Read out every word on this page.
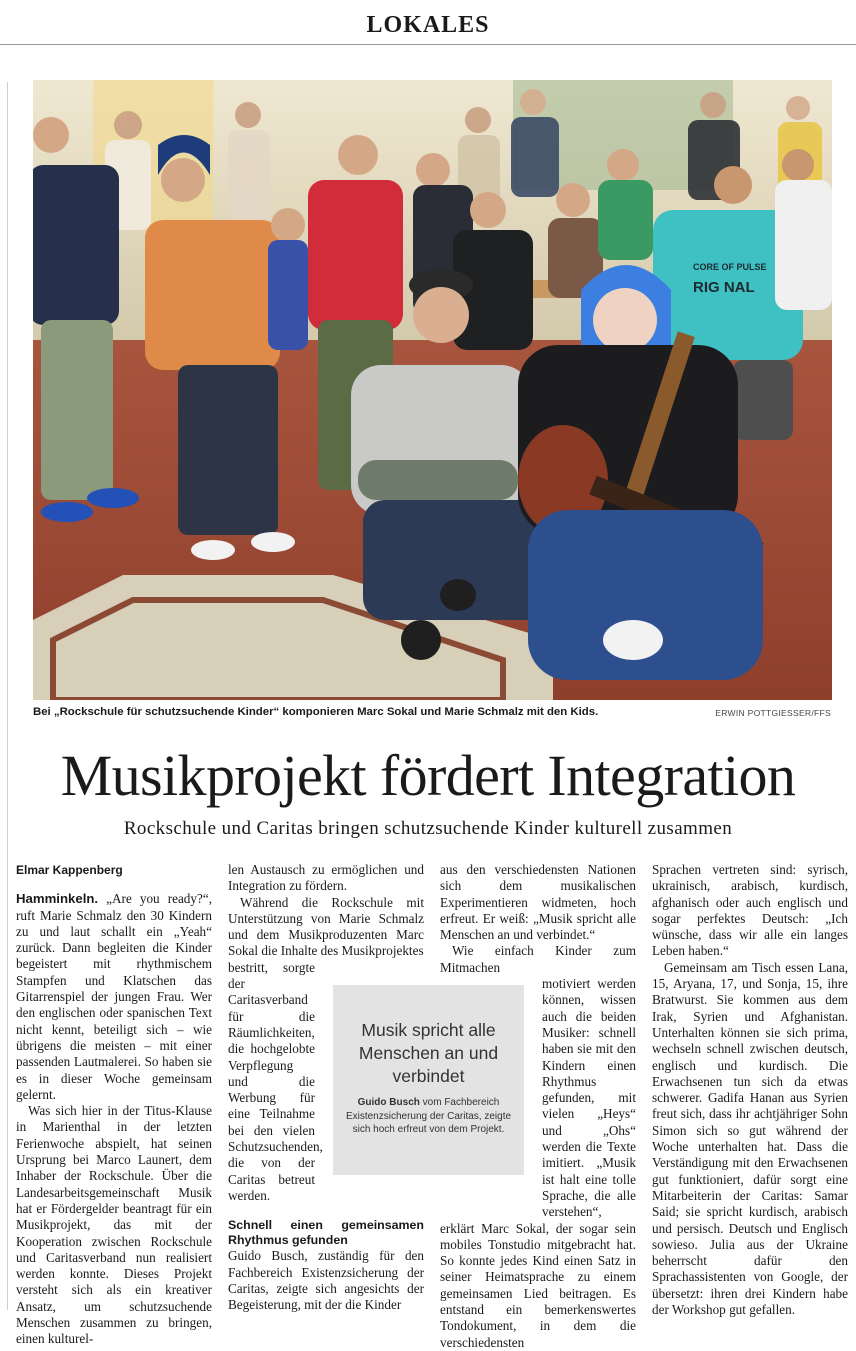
LOKALES
CORE OF PULSE
RIG NAL
Bei „Rockschule für schutzsuchende Kinder“ komponieren Marc Sokal und Marie Schmalz mit den Kids.	ERWIN POTTGIESSER/FFS
Musikprojekt fördert Integration
Rockschule und Caritas bringen schutzsuchende Kinder kulturell zusammen

Elmar Kappenberg

Hamminkeln. „Are you ready?“, ruft Marie Schmalz den 30 Kindern zu und laut schallt ein „Yeah“ zurück. Dann begleiten die Kinder begeistert mit rhythmischem Stampfen und Klatschen das Gitarrenspiel der jungen Frau. Wer den englischen oder spanischen Text nicht kennt, beteiligt sich – wie übrigens die meisten – mit einer passenden Lautmalerei. So haben sie es in dieser Woche gemeinsam gelernt.

Was sich hier in der Titus-Klause in Marienthal in der letzten Ferienwoche abspielt, hat seinen Ursprung bei Marco Launert, dem Inhaber der Rockschule. Über die Landesarbeitsgemeinschaft Musik hat er Fördergelder beantragt für ein Musikprojekt, das mit der Kooperation zwischen Rockschule und Caritasverband nun realisiert werden konnte. Dieses Projekt versteht sich als ein kreativer Ansatz, um schutzsuchende Menschen zusammen zu bringen, einen kulturel-

len Austausch zu ermöglichen und Integration zu fördern.

Während die Rockschule mit Unterstützung von Marie Schmalz und dem Musikproduzenten Marc Sokal die Inhalte des Musikprojektes

bestritt, sorgte der Caritasverband für die Räumlichkeiten, die hochgelobte Verpflegung und die Werbung für eine Teilnahme bei den vielen Schutzsuchenden, die von der Caritas betreut werden.

Schnell einen gemeinsamen Rhythmus gefunden

Guido Busch, zuständig für den Fachbereich Existenzsicherung der Caritas, zeigte sich angesichts der Begeisterung, mit der die Kinder

Musik spricht alle Menschen an und verbindet
Guido Busch vom Fachbereich Existenzsicherung der Caritas, zeigte sich hoch erfreut von dem Projekt.

aus den verschiedensten Nationen sich dem musikalischen Experimentieren widmeten, hoch erfreut. Er weiß: „Musik spricht alle Menschen an und verbindet.“

Wie einfach Kinder zum Mitmachen

motiviert werden können, wissen auch die beiden Musiker: schnell haben sie mit den Kindern einen Rhythmus gefunden, mit vielen „Heys“ und „Ohs“ werden die Texte imitiert. „Musik ist halt eine tolle Sprache, die alle verstehen“,

erklärt Marc Sokal, der sogar sein mobiles Tonstudio mitgebracht hat. So konnte jedes Kind einen Satz in seiner Heimatsprache zu einem gemeinsamen Lied beitragen. Es entstand ein bemerkenswertes Tondokument, in dem die verschiedensten

Sprachen vertreten sind: syrisch, ukrainisch, arabisch, kurdisch, afghanisch oder auch englisch und sogar perfektes Deutsch: „Ich wünsche, dass wir alle ein langes Leben haben.“

Gemeinsam am Tisch essen Lana, 15, Aryana, 17, und Sonja, 15, ihre Bratwurst. Sie kommen aus dem Irak, Syrien und Afghanistan. Unterhalten können sie sich prima, wechseln schnell zwischen deutsch, englisch und kurdisch. Die Erwachsenen tun sich da etwas schwerer. Gadifa Hanan aus Syrien freut sich, dass ihr achtjähriger Sohn Simon sich so gut während der Woche unterhalten hat. Dass die Verständigung mit den Erwachsenen gut funktioniert, dafür sorgt eine Mitarbeiterin der Caritas: Samar Said; sie spricht kurdisch, arabisch und persisch. Deutsch und Englisch sowieso. Julia aus der Ukraine beherrscht dafür den Sprachassistenten von Google, der übersetzt: ihren drei Kindern habe der Workshop gut gefallen.
